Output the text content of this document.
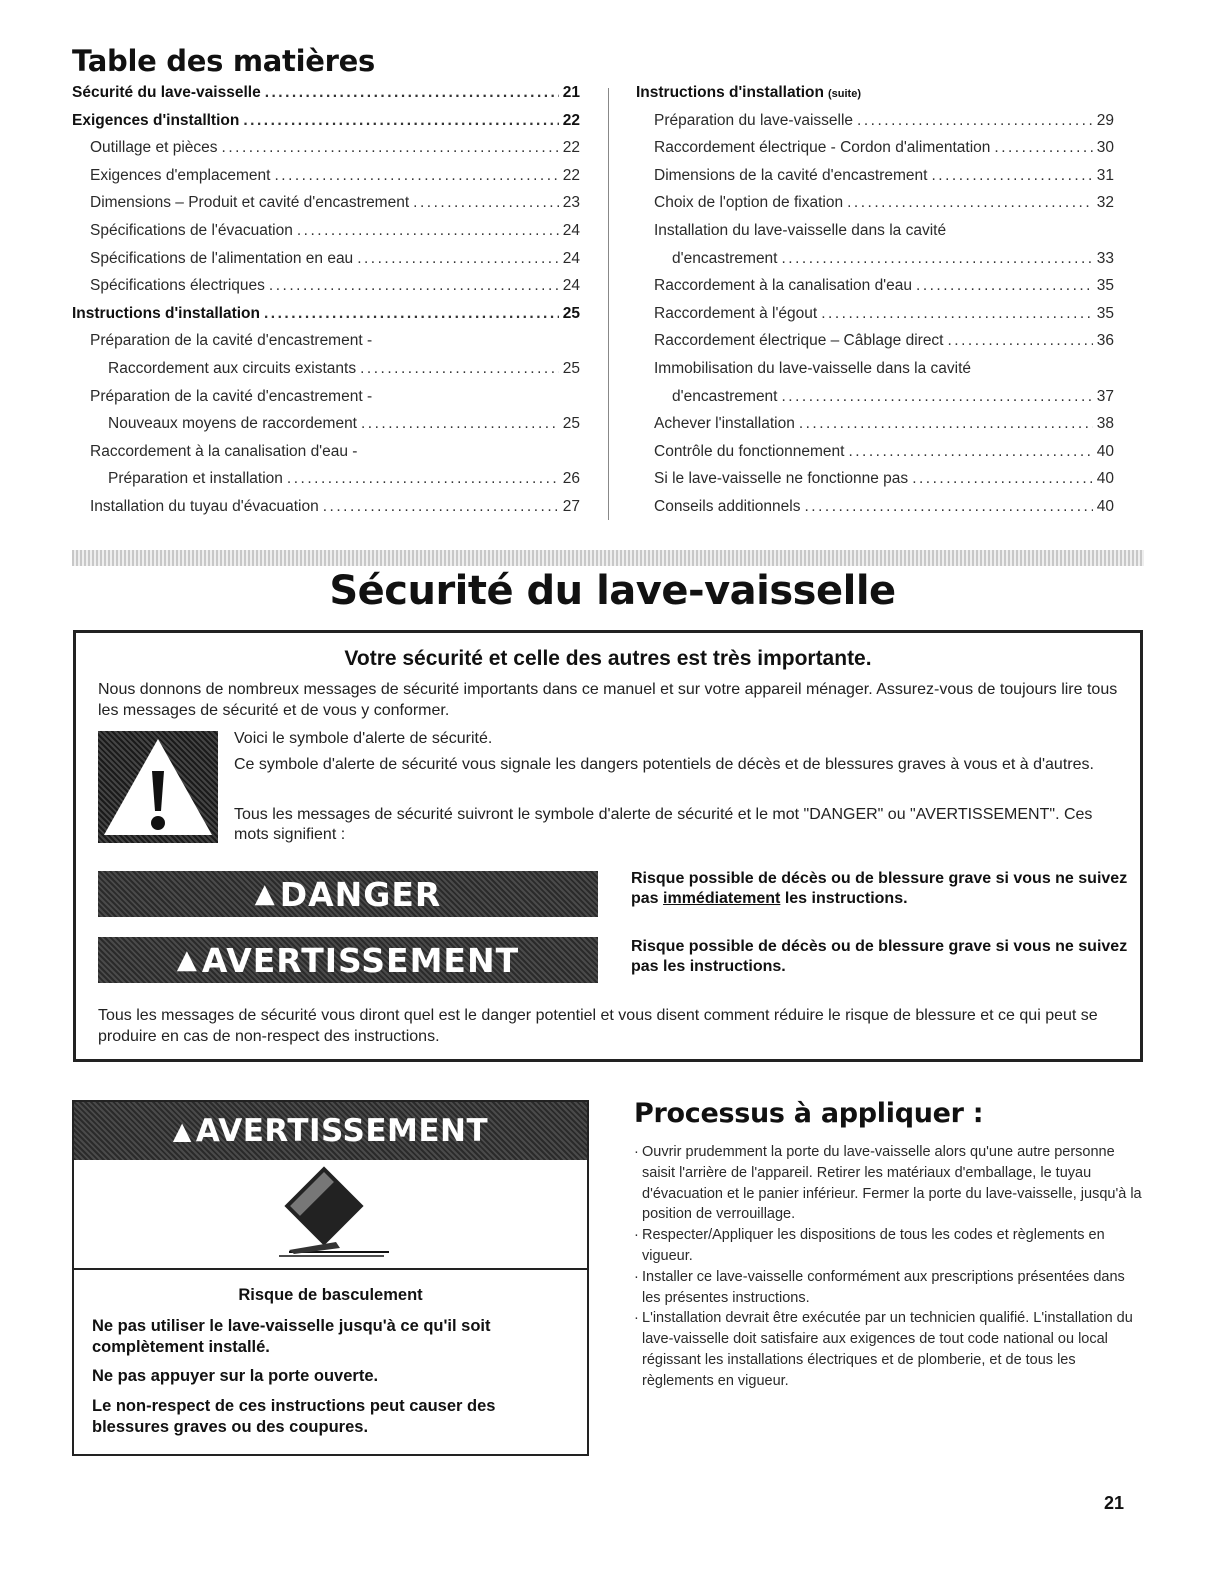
Table des matières
Sécurité du lave-vaisselle .....	21
Exigences d'installtion .....	22
Outillage et pièces .....	22
Exigences d'emplacement .....	22
Dimensions – Produit et cavité d'encastrement .....	23
Spécifications de l'évacuation .....	24
Spécifications de l'alimentation en eau .....	24
Spécifications électriques .....	24
Instructions d'installation .....	25
Préparation de la cavité d'encastrement -
Raccordement aux circuits existants .....	25
Préparation de la cavité d'encastrement -
Nouveaux moyens de raccordement .....	25
Raccordement à la canalisation d'eau -
Préparation et installation .....	26
Installation du tuyau d'évacuation .....	27
Instructions d'installation (suite)
Préparation du lave-vaisselle .....	29
Raccordement électrique - Cordon d'alimentation .....	30
Dimensions de la cavité d'encastrement .....	31
Choix de l'option de fixation .....	32
Installation du lave-vaisselle dans la cavité
d'encastrement .....	33
Raccordement à la canalisation d'eau .....	35
Raccordement à l'égout .....	35
Raccordement électrique – Câblage direct .....	36
Immobilisation du lave-vaisselle dans la cavité
d'encastrement .....	37
Achever l'installation .....	38
Contrôle du fonctionnement .....	40
Si le lave-vaisselle ne fonctionne pas .....	40
Conseils additionnels .....	40
Sécurité du lave-vaisselle
Votre sécurité et celle des autres est très importante.
Nous donnons de nombreux messages de sécurité importants dans ce manuel et sur votre appareil ménager. Assurez-vous de toujours lire tous les messages de sécurité et de vous y conformer.
Voici le symbole d'alerte de sécurité.
Ce symbole d'alerte de sécurité vous signale les dangers potentiels de décès et de blessures graves à vous et à d'autres.
Tous les messages de sécurité suivront le symbole d'alerte de sécurité et le mot "DANGER" ou "AVERTISSEMENT". Ces mots signifient :
▲ DANGER	Risque possible de décès ou de blessure grave si vous ne suivez pas immédiatement les instructions.
▲ AVERTISSEMENT	Risque possible de décès ou de blessure grave si vous ne suivez pas les instructions.
Tous les messages de sécurité vous diront quel est le danger potentiel et vous disent comment réduire le risque de blessure et ce qui peut se produire en cas de non-respect des instructions.
▲ AVERTISSEMENT
Risque de basculement
Ne pas utiliser le lave-vaisselle jusqu'à ce qu'il soit complètement installé.
Ne pas appuyer sur la porte ouverte.
Le non-respect de ces instructions peut causer des blessures graves ou des coupures.
Processus à appliquer :
· Ouvrir prudemment la porte du lave-vaisselle alors qu'une autre personne saisit l'arrière de l'appareil. Retirer les matériaux d'emballage, le tuyau d'évacuation et le panier inférieur. Fermer la porte du lave-vaisselle, jusqu'à la position de verrouillage.
· Respecter/Appliquer les dispositions de tous les codes et règlements en vigueur.
· Installer ce lave-vaisselle conformément aux prescriptions présentées dans les présentes instructions.
· L'installation devrait être exécutée par un technicien qualifié. L'installation du lave-vaisselle doit satisfaire aux exigences de tout code national ou local régissant les installations électriques et de plomberie, et de tous les règlements en vigueur.
21
